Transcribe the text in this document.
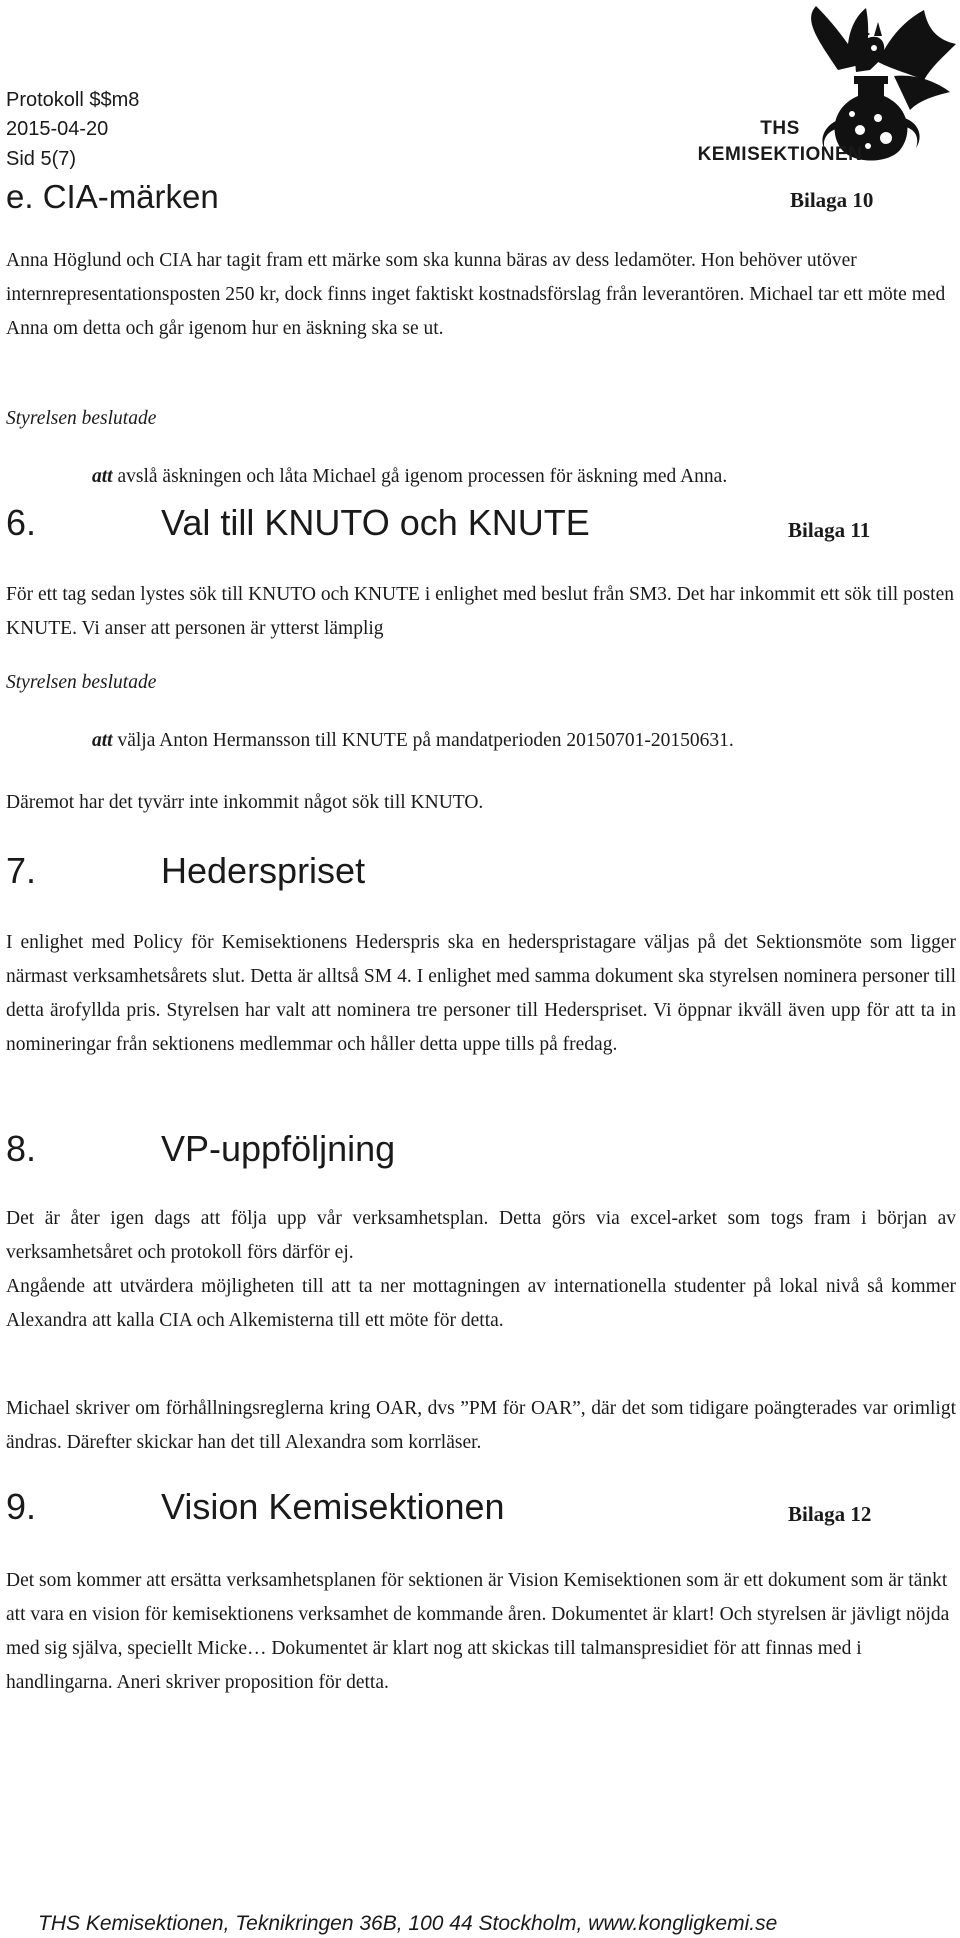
Protokoll $$m8
2015-04-20
Sid 5(7)
THS
KEMISEKTIONEN
e. CIA-märken	Bilaga 10

Anna Höglund och CIA har tagit fram ett märke som ska kunna bäras av dess ledamöter. Hon behöver utöver internrepresentationsposten 250 kr, dock finns inget faktiskt kostnadsförslag från leverantören. Michael tar ett möte med Anna om detta och går igenom hur en äskning ska se ut.

Styrelsen beslutade
att avslå äskningen och låta Michael gå igenom processen för äskning med Anna.
6.	Val till KNUTO och KNUTE	Bilaga 11

För ett tag sedan lystes sök till KNUTO och KNUTE i enlighet med beslut från SM3. Det har inkommit ett sök till posten KNUTE. Vi anser att personen är ytterst lämplig

Styrelsen beslutade
att välja Anton Hermansson till KNUTE på mandatperioden 20150701-20150631.

Däremot har det tyvärr inte inkommit något sök till KNUTO.

7.	Hederspriset

I enlighet med Policy för Kemisektionens Hederspris ska en hederspristagare väljas på det Sektionsmöte som ligger närmast verksamhetsårets slut. Detta är alltså SM 4. I enlighet med samma dokument ska styrelsen nominera personer till detta ärofyllda pris. Styrelsen har valt att nominera tre personer till Hederspriset. Vi öppnar ikväll även upp för att ta in nomineringar från sektionens medlemmar och håller detta uppe tills på fredag.

8.	VP-uppföljning

Det är åter igen dags att följa upp vår verksamhetsplan. Detta görs via excel-arket som togs fram i början av verksamhetsåret och protokoll förs därför ej.

Angående att utvärdera möjligheten till att ta ner mottagningen av internationella studenter på lokal nivå så kommer Alexandra att kalla CIA och Alkemisterna till ett möte för detta.

Michael skriver om förhållningsreglerna kring OAR, dvs ”PM för OAR”, där det som tidigare poängterades var orimligt ändras. Därefter skickar han det till Alexandra som korrläser.

9.	Vision Kemisektionen	Bilaga 12

Det som kommer att ersätta verksamhetsplanen för sektionen är Vision Kemisektionen som är ett dokument som är tänkt att vara en vision för kemisektionens verksamhet de kommande åren. Dokumentet är klart! Och styrelsen är jävligt nöjda med sig själva, speciellt Micke… Dokumentet är klart nog att skickas till talmanspresidiet för att finnas med i handlingarna. Aneri skriver proposition för detta.

THS Kemisektionen, Teknikringen 36B, 100 44 Stockholm, www.kongligkemi.se
